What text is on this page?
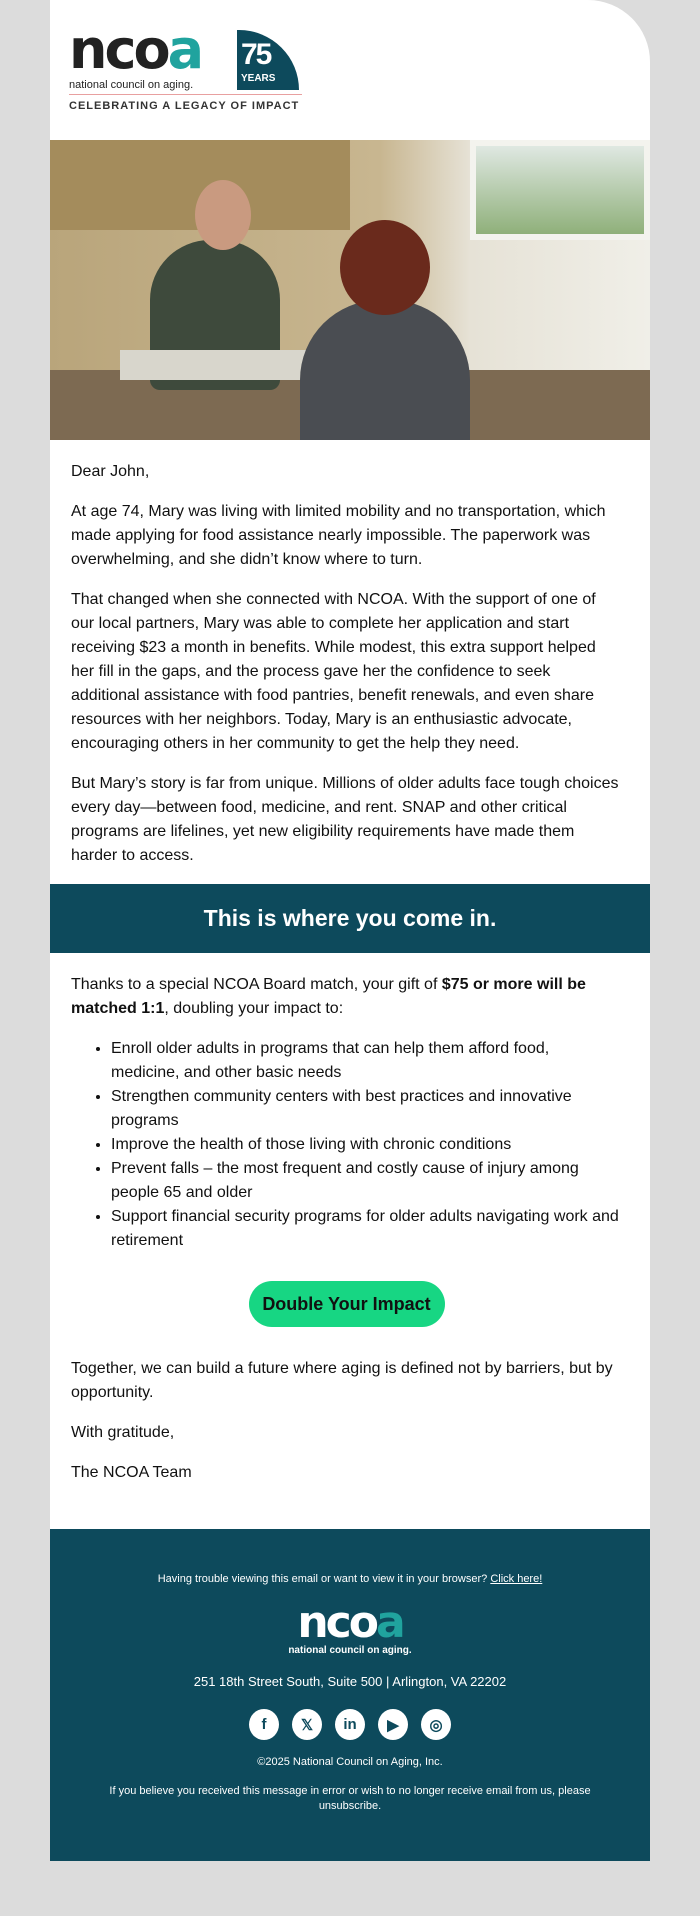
ncoa
national council on aging.
75
YEARS
CELEBRATING A LEGACY OF IMPACT

Dear John,

At age 74, Mary was living with limited mobility and no transportation, which made applying for food assistance nearly impossible. The paperwork was overwhelming, and she didn’t know where to turn.

That changed when she connected with NCOA. With the support of one of our local partners, Mary was able to complete her application and start receiving $23 a month in benefits. While modest, this extra support helped her fill in the gaps, and the process gave her the confidence to seek additional assistance with food pantries, benefit renewals, and even share resources with her neighbors. Today, Mary is an enthusiastic advocate, encouraging others in her community to get the help they need.

But Mary’s story is far from unique. Millions of older adults face tough choices every day—between food, medicine, and rent. SNAP and other critical programs are lifelines, yet new eligibility requirements have made them harder to access.

This is where you come in.

Thanks to a special NCOA Board match, your gift of $75 or more will be matched 1:1, doubling your impact to:

• Enroll older adults in programs that can help them afford food, medicine, and other basic needs
• Strengthen community centers with best practices and innovative programs
• Improve the health of those living with chronic conditions
• Prevent falls – the most frequent and costly cause of injury among people 65 and older
• Support financial security programs for older adults navigating work and retirement
Double Your Impact

Together, we can build a future where aging is defined not by barriers, but by opportunity.

With gratitude,

The NCOA Team

Having trouble viewing this email or want to view it in your browser? Click here!
ncoa
national council on aging.
251 18th Street South, Suite 500 | Arlington, VA 22202
f	𝕏	in	▶	◎
©2025 National Council on Aging, Inc.
If you believe you received this message in error or wish to no longer receive email from us, please unsubscribe.
